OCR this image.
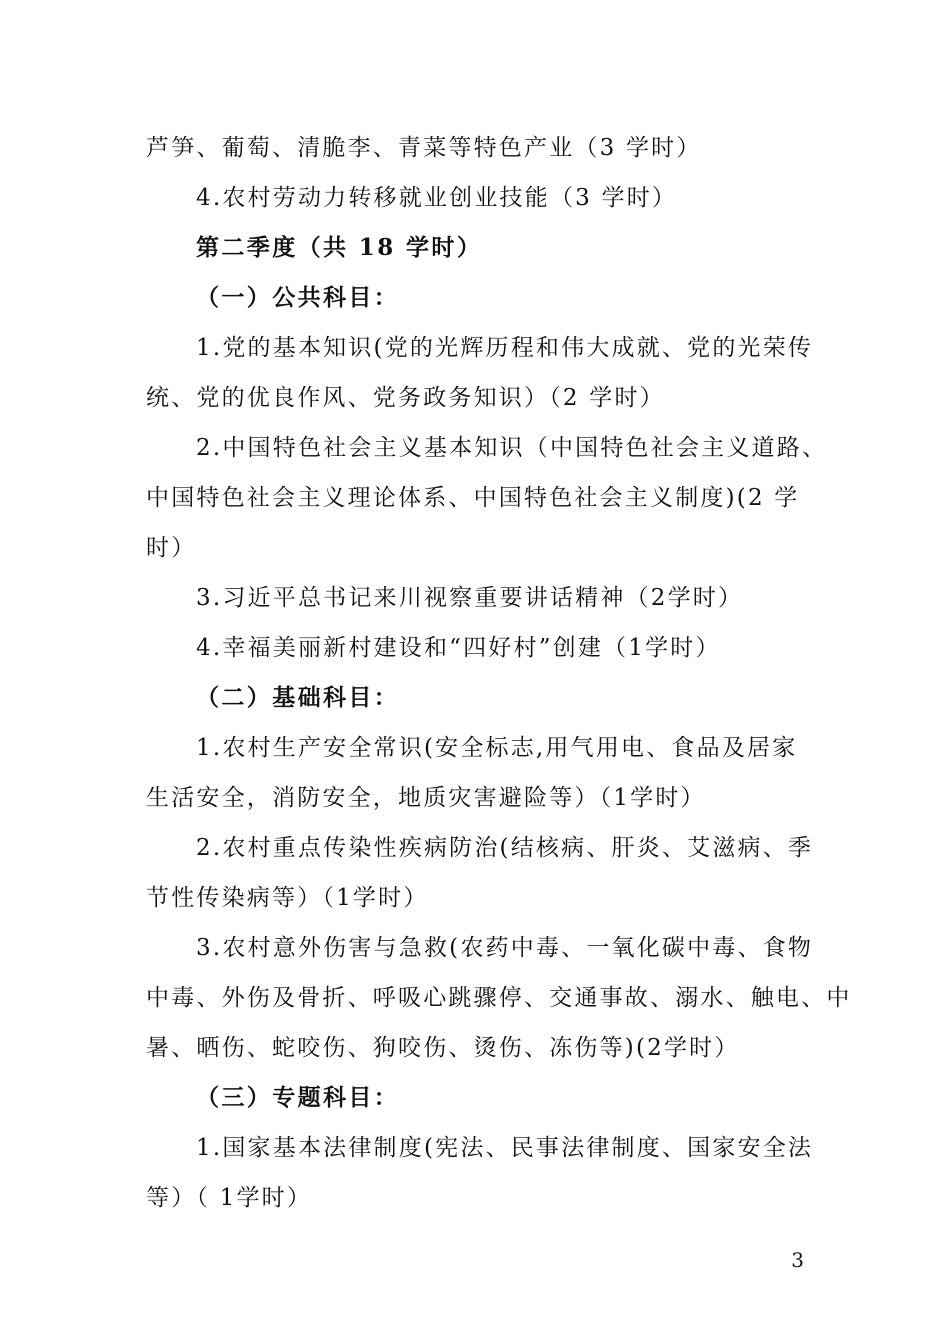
芦笋、葡萄、清脆李、青菜等特色产业（3 学时）
4.农村劳动力转移就业创业技能（3 学时）
第二季度（共 18 学时）
（一）公共科目：
1.党的基本知识(党的光辉历程和伟大成就、党的光荣传
统、党的优良作风、党务政务知识）（2 学时）
2.中国特色社会主义基本知识（中国特色社会主义道路、
中国特色社会主义理论体系、中国特色社会主义制度)(2 学
时）
3.习近平总书记来川视察重要讲话精神（2学时）
4.幸福美丽新村建设和“四好村”创建（1学时）
（二）基础科目：
1.农村生产安全常识(安全标志,用气用电、食品及居家
生活安全，消防安全，地质灾害避险等）（1学时）
2.农村重点传染性疾病防治(结核病、肝炎、艾滋病、季
节性传染病等）（1学时）
3.农村意外伤害与急救(农药中毒、一氧化碳中毒、食物
中毒、外伤及骨折、呼吸心跳骤停、交通事故、溺水、触电、中
暑、晒伤、蛇咬伤、狗咬伤、烫伤、冻伤等)(2学时）
（三）专题科目：
1.国家基本法律制度(宪法、民事法律制度、国家安全法
等）（ 1学时）
3
